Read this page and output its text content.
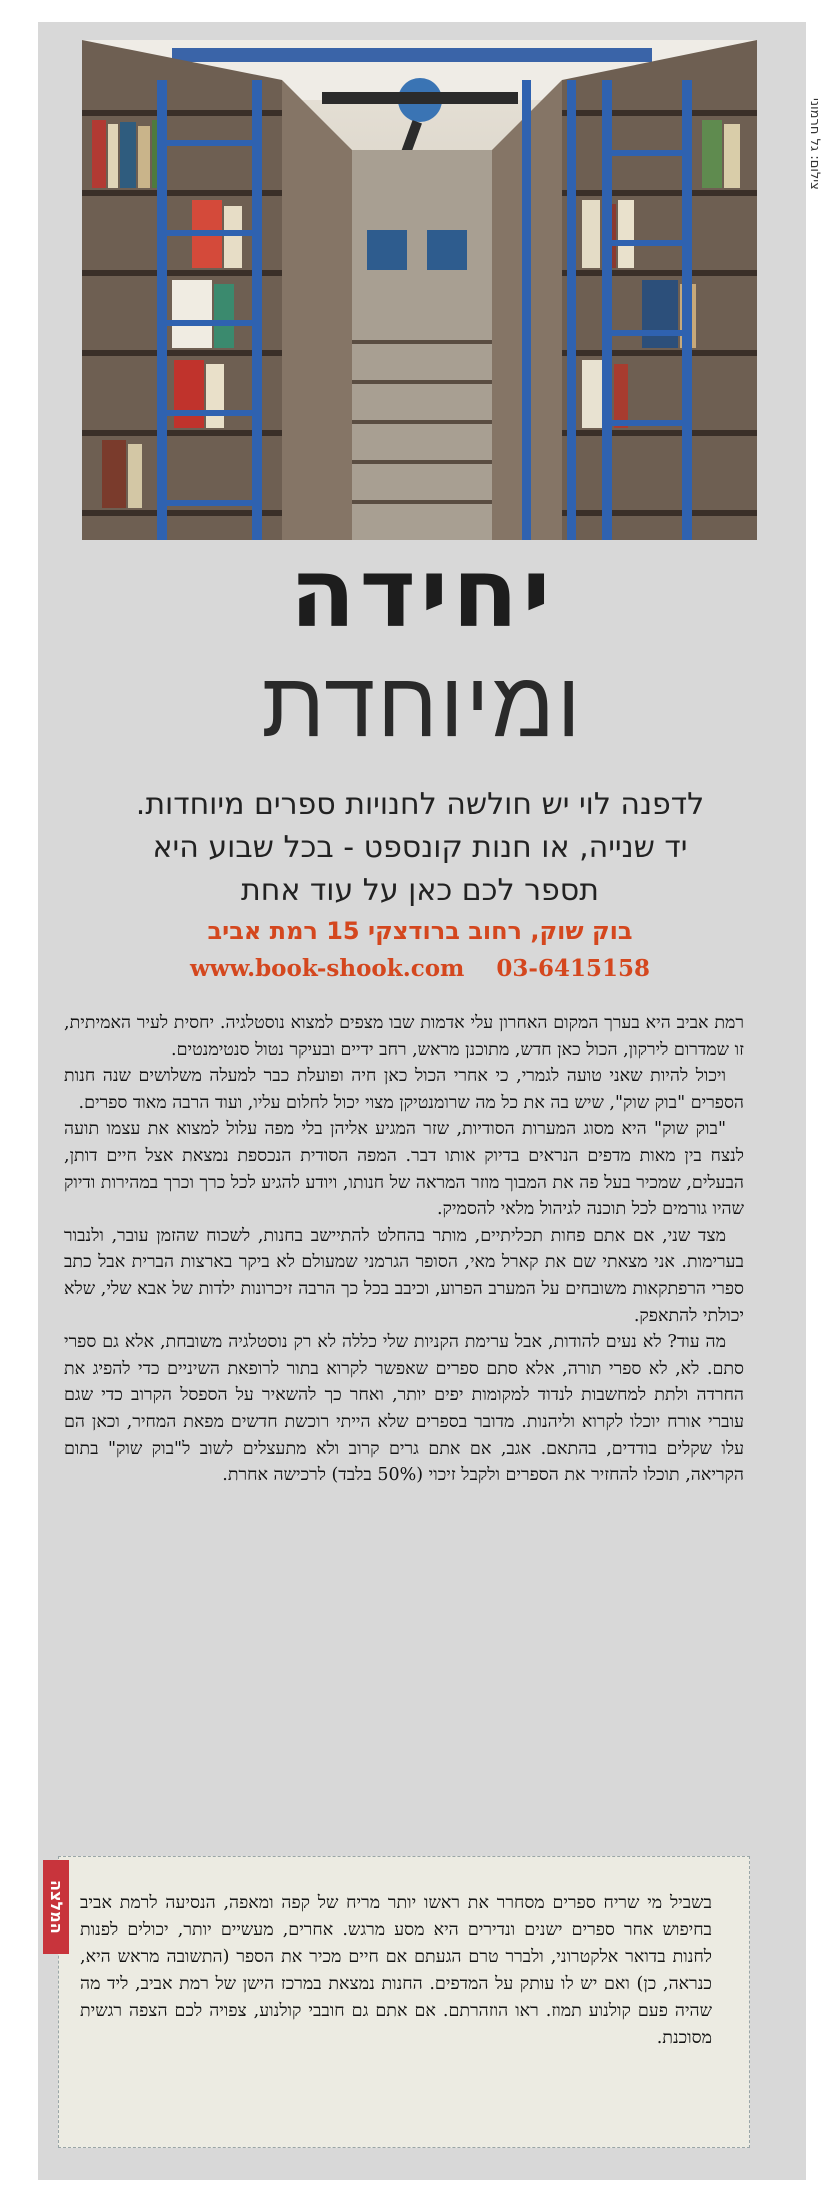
צילום: גל חרמוני
יחידה
ומיוחדת
לדפנה לוי יש חולשה לחנויות ספרים מיוחדות.
יד שנייה, או חנות קונספט - בכל שבוע היא
תספר לכם כאן על עוד אחת
בוק שוק, רחוב ברודצקי 15 רמת אביב
www.book-shook.com 03-6415158

רמת אביב היא בערך המקום האחרון עלי אדמות שבו מצפים למצוא נוסטלגיה. יחסית לעיר האמיתית, זו שמדרום לירקון, הכול כאן חדש, מתוכנן מראש, רחב ידיים ובעיקר נטול סנטימנטים.

ויכול להיות שאני טועה לגמרי, כי אחרי הכול כאן חיה ופועלת כבר למעלה משלושים שנה חנות הספרים "בוק שוק", שיש בה את כל מה שרומנטיקן מצוי יכול לחלום עליו, ועוד הרבה מאוד ספרים.

"בוק שוק" היא מסוג המערות הסודיות, שזר המגיע אליהן בלי מפה עלול למצוא את עצמו תועה לנצח בין מאות מדפים הנראים בדיוק אותו דבר. המפה הסודית הנכספת נמצאת אצל חיים דותן, הבעלים, שמכיר בעל פה את המבוך מוזר המראה של חנותו, ויודע להגיע לכל כרך וכרך במהירות ודיוק שהיו גורמים לכל תוכנה לגיהול מלאי להסמיק.

מצד שני, אם אתם פחות תכליתיים, מותר בהחלט להתיישב בחנות, לשכוח שהזמן עובר, ולנבור בערימות. אני מצאתי שם את קארל מאי, הסופר הגרמני שמעולם לא ביקר בארצות הברית אבל כתב ספרי הרפתקאות משובחים על המערב הפרוע, וכיבב בכל כך הרבה זיכרונות ילדות של אבא שלי, שלא יכולתי להתאפק.

מה עוד? לא נעים להודות, אבל ערימת הקניות שלי כללה לא רק נוסטלגיה משובחת, אלא גם ספרי סתם. לא, לא ספרי תורה, אלא סתם ספרים שאפשר לקרוא בתור לרופאת השיניים כדי להפיג את החרדה ולתת למחשבות לנדוד למקומות יפים יותר, ואחר כך להשאיר על הספסל הקרוב כדי שגם עוברי אורח יוכלו לקרוא וליהנות. מדובר בספרים שלא הייתי רוכשת חדשים מפאת המחיר, וכאן הם עלו שקלים בודדים, בהתאם. אגב, אם אתם גרים קרוב ולא מתעצלים לשוב ל"בוק שוק" בתום הקריאה, תוכלו להחזיר את הספרים ולקבל זיכוי (50% בלבד) לרכישה אחרת.

המלצה בשביל מי שריח ספרים מסחרר את ראשו יותר מריח של קפה ומאפה, הנסיעה לרמת אביב בחיפוש אחר ספרים ישנים ונדירים היא מסע מרגש. אחרים, מעשיים יותר, יכולים לפנות לחנות בדואר אלקטרוני, ולברר טרם הגעתם אם חיים מכיר את הספר (התשובה מראש היא, כנראה, כן) ואם יש לו עותק על המדפים. החנות נמצאת במרכז הישן של רמת אביב, ליד מה שהיה פעם קולנוע תמוז. ראו הוזהרתם. אם אתם גם חובבי קולנוע, צפויה לכם הצפה רגשית מסוכנת.
